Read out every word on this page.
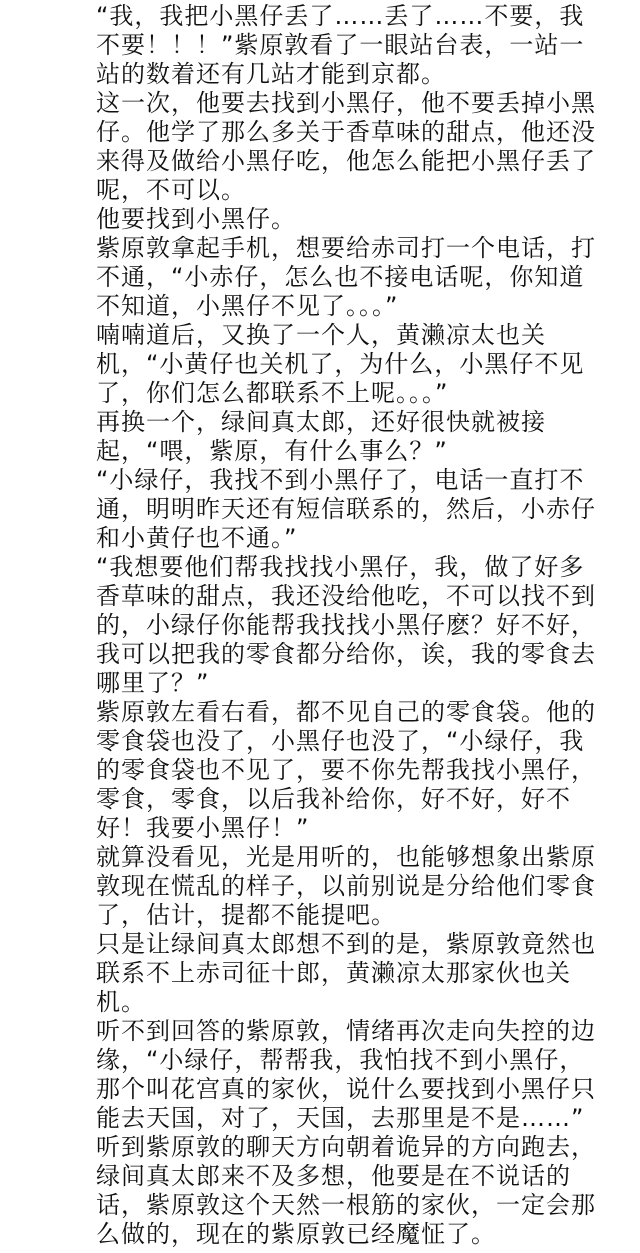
“我，我把小黑仔丢了……丢了……不要，我
不要！！！”紫原敦看了一眼站台表，一站一
站的数着还有几站才能到京都。
这一次，他要去找到小黑仔，他不要丢掉小黑
仔。他学了那么多关于香草味的甜点，他还没
来得及做给小黑仔吃，他怎么能把小黑仔丢了
呢，不可以。
他要找到小黑仔。
紫原敦拿起手机，想要给赤司打一个电话，打
不通，“小赤仔，怎么也不接电话呢，你知道
不知道，小黑仔不见了。。。”
喃喃道后，又换了一个人，黄濑凉太也关
机，“小黄仔也关机了，为什么，小黑仔不见
了，你们怎么都联系不上呢。。。”
再换一个，绿间真太郎，还好很快就被接
起，“喂，紫原，有什么事么？”
“小绿仔，我找不到小黑仔了，电话一直打不
通，明明昨天还有短信联系的，然后，小赤仔
和小黄仔也不通。”
“我想要他们帮我找找小黑仔，我，做了好多
香草味的甜点，我还没给他吃，不可以找不到
的，小绿仔你能帮我找找小黑仔麽？好不好，
我可以把我的零食都分给你，诶，我的零食去
哪里了？”
紫原敦左看右看，都不见自己的零食袋。他的
零食袋也没了，小黑仔也没了，“小绿仔，我
的零食袋也不见了，要不你先帮我找小黑仔，
零食，零食，以后我补给你，好不好，好不
好！我要小黑仔！”
就算没看见，光是用听的，也能够想象出紫原
敦现在慌乱的样子，以前别说是分给他们零食
了，估计，提都不能提吧。
只是让绿间真太郎想不到的是，紫原敦竟然也
联系不上赤司征十郎，黄濑凉太那家伙也关
机。
听不到回答的紫原敦，情绪再次走向失控的边
缘，“小绿仔，帮帮我，我怕找不到小黑仔，
那个叫花宫真的家伙，说什么要找到小黑仔只
能去天国，对了，天国，去那里是不是……”
听到紫原敦的聊天方向朝着诡异的方向跑去，
绿间真太郎来不及多想，他要是在不说话的
话，紫原敦这个天然一根筋的家伙，一定会那
么做的，现在的紫原敦已经魔怔了。
